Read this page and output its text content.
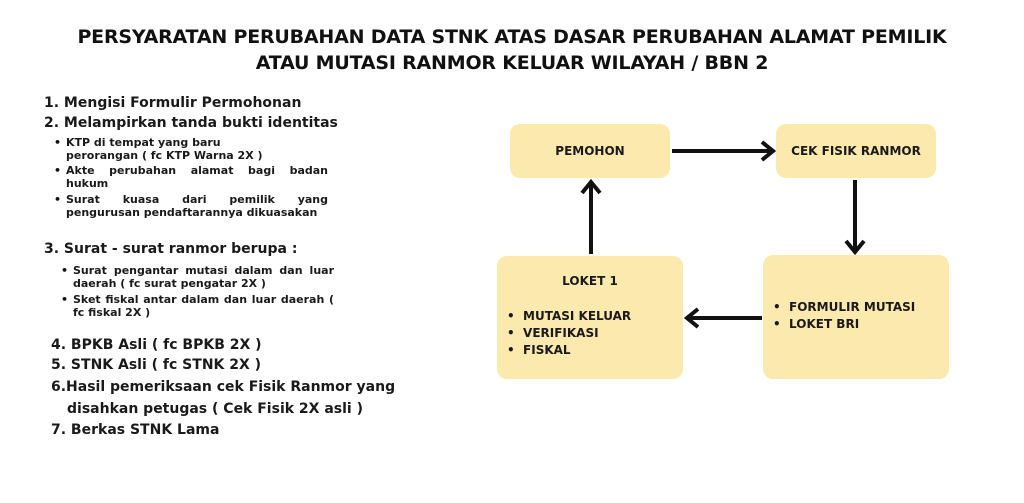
PERSYARATAN PERUBAHAN DATA STNK ATAS DASAR PERUBAHAN ALAMAT PEMILIK
ATAU MUTASI RANMOR KELUAR WILAYAH / BBN 2
1. Mengisi Formulir Permohonan
2. Melampirkan tanda bukti identitas
• KTP di tempat yang baru perorangan ( fc KTP Warna 2X )
• Akte perubahan alamat bagi badan hukum
• Surat kuasa dari pemilik yang pengurusan pendaftarannya dikuasakan
3. Surat - surat ranmor berupa :
• Surat pengantar mutasi dalam dan luar daerah ( fc surat pengatar 2X )
• Sket fiskal antar dalam dan luar daerah ( fc fiskal 2X )
4. BPKB Asli ( fc BPKB 2X )
5. STNK Asli ( fc STNK 2X )
6.Hasil pemeriksaan cek Fisik Ranmor yang
disahkan petugas ( Cek Fisik 2X asli )
7. Berkas STNK Lama
PEMOHON	CEK FISIK RANMOR
LOKET 1
•  MUTASI KELUAR
•  VERIFIKASI
•  FISKAL
•  FORMULIR MUTASI
•  LOKET BRI
